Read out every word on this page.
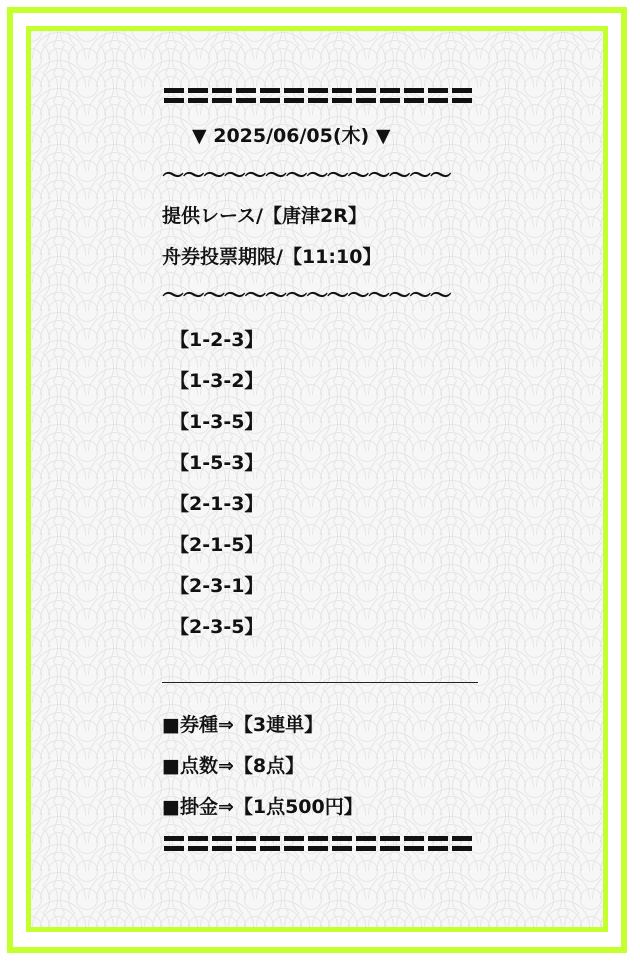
▼ 2025/06/05(木) ▼
〜〜〜〜〜〜〜〜〜〜〜〜〜〜
提供レース/【唐津2R】
舟券投票期限/【11:10】
〜〜〜〜〜〜〜〜〜〜〜〜〜〜
【1-2-3】
【1-3-2】
【1-3-5】
【1-5-3】
【2-1-3】
【2-1-5】
【2-3-1】
【2-3-5】
■券種⇒【3連単】
■点数⇒【8点】
■掛金⇒【1点500円】
